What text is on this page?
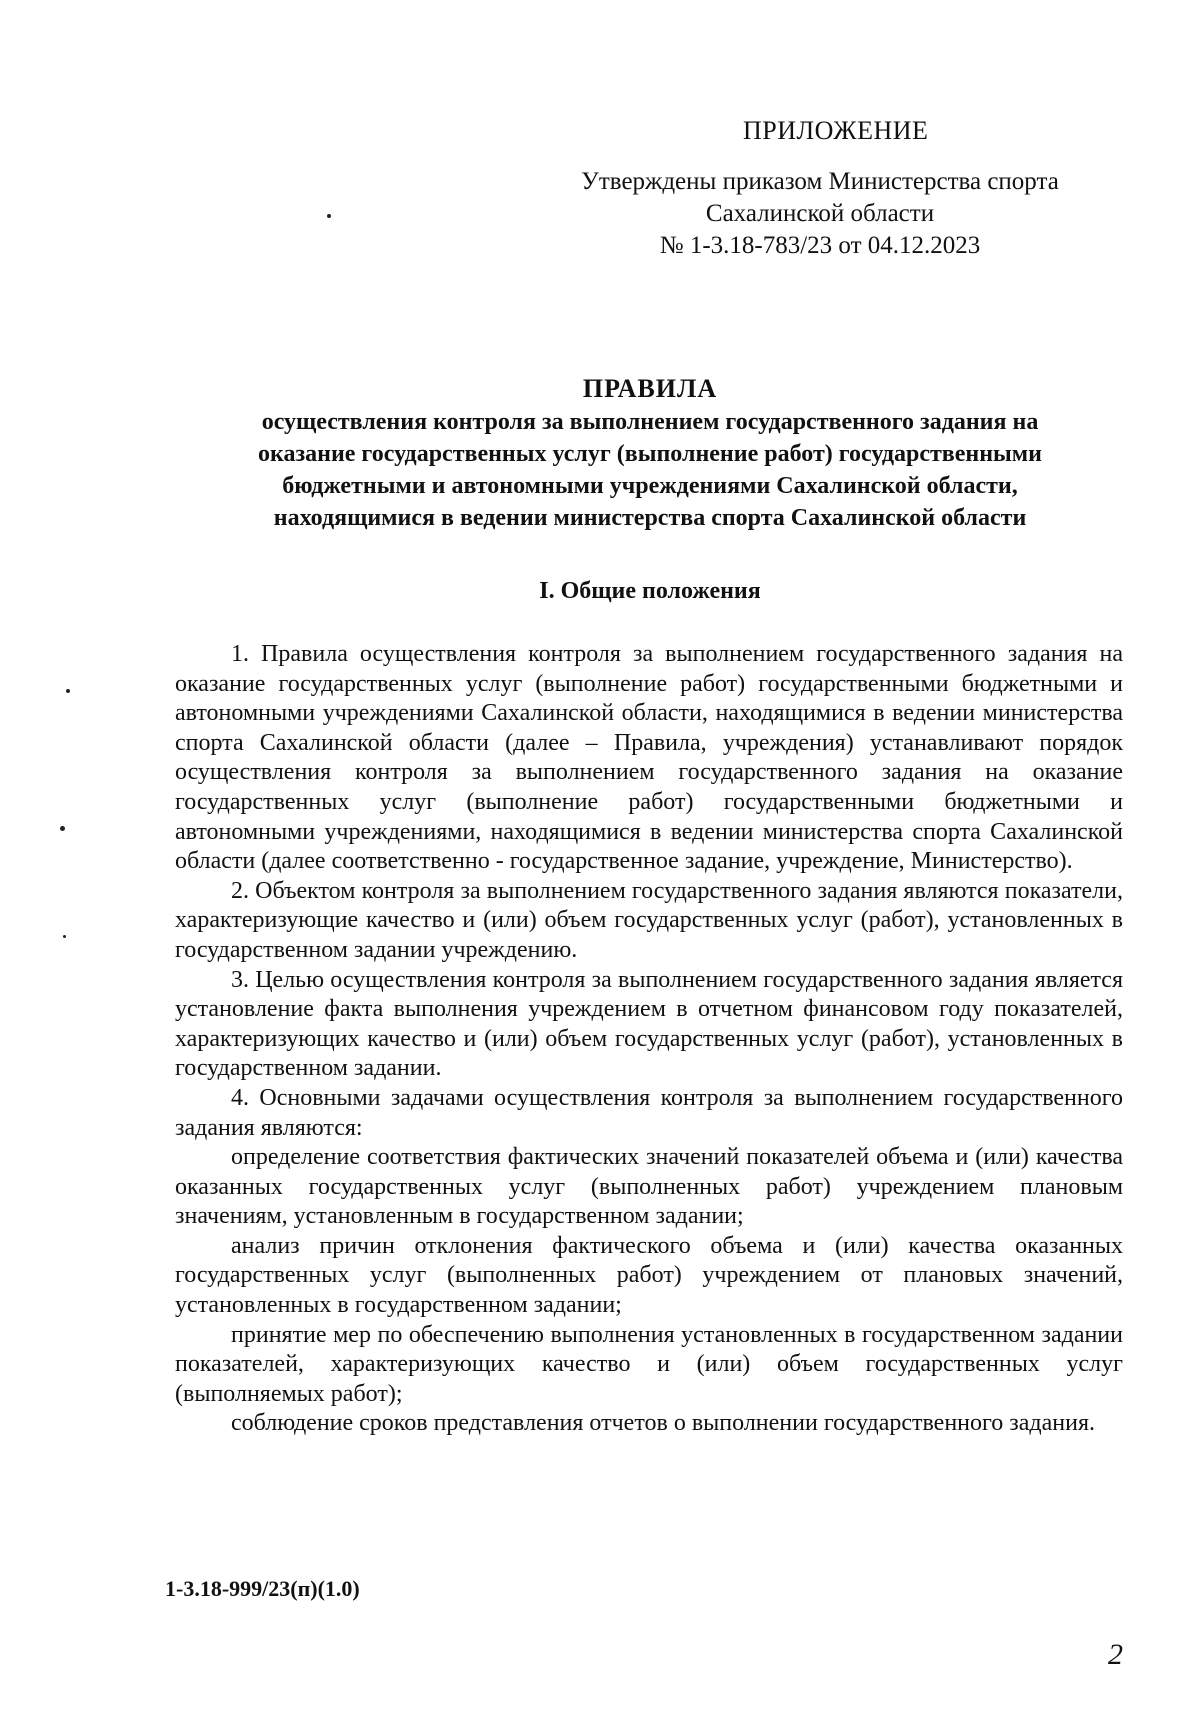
ПРИЛОЖЕНИЕ
Утверждены приказом Министерства спорта
Сахалинской области
№ 1-3.18-783/23 от 04.12.2023
ПРАВИЛА
осуществления контроля за выполнением государственного задания на
оказание государственных услуг (выполнение работ) государственными
бюджетными и автономными учреждениями Сахалинской области,
находящимися в ведении министерства спорта Сахалинской области
I. Общие положения

1. Правила осуществления контроля за выполнением государственного задания на оказание государственных услуг (выполнение работ) государственными бюджетными и автономными учреждениями Сахалинской области, находящимися в ведении министерства спорта Сахалинской области (далее – Правила, учреждения) устанавливают порядок осуществления контроля за выполнением государственного задания на оказание государственных услуг (выполнение работ) государственными бюджетными и автономными учреждениями, находящимися в ведении министерства спорта Сахалинской области (далее соответственно - государственное задание, учреждение, Министерство).

2. Объектом контроля за выполнением государственного задания являются показатели, характеризующие качество и (или) объем государственных услуг (работ), установленных в государственном задании учреждению.

3. Целью осуществления контроля за выполнением государственного задания является установление факта выполнения учреждением в отчетном финансовом году показателей, характеризующих качество и (или) объем государственных услуг (работ), установленных в государственном задании.

4. Основными задачами осуществления контроля за выполнением государственного задания являются:

определение соответствия фактических значений показателей объема и (или) качества оказанных государственных услуг (выполненных работ) учреждением плановым значениям, установленным в государственном задании;

анализ причин отклонения фактического объема и (или) качества оказанных государственных услуг (выполненных работ) учреждением от плановых значений, установленных в государственном задании;

принятие мер по обеспечению выполнения установленных в государственном задании показателей, характеризующих качество и (или) объем государственных услуг (выполняемых работ);

соблюдение сроков представления отчетов о выполнении государственного задания.

1-3.18-999/23(п)(1.0)
2
